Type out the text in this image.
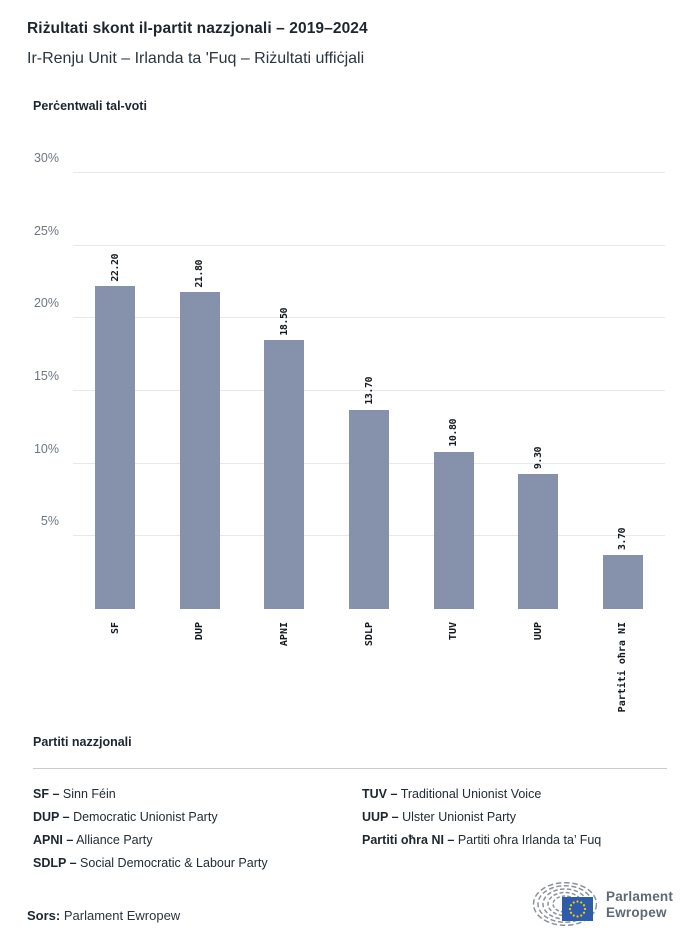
Riżultati skont il-partit nazzjonali – 2019–2024
Ir-Renju Unit – Irlanda ta 'Fuq – Riżultati uffiċjali
Perċentwali tal-voti
5%
10%
15%
20%
25%
30%
22.20
SF
21.80
DUP
18.50
APNI
13.70
SDLP
10.80
TUV
9.30
UUP
3.70
Partiti oħra NI
Partiti nazzjonali
SF – Sinn Féin
DUP – Democratic Unionist Party
APNI – Alliance Party
SDLP – Social Democratic & Labour Party
TUV – Traditional Unionist Voice
UUP – Ulster Unionist Party
Partiti oħra NI – Partiti oħra Irlanda ta’ Fuq
Sors: Parlament Ewropew
Parlament
Ewropew
